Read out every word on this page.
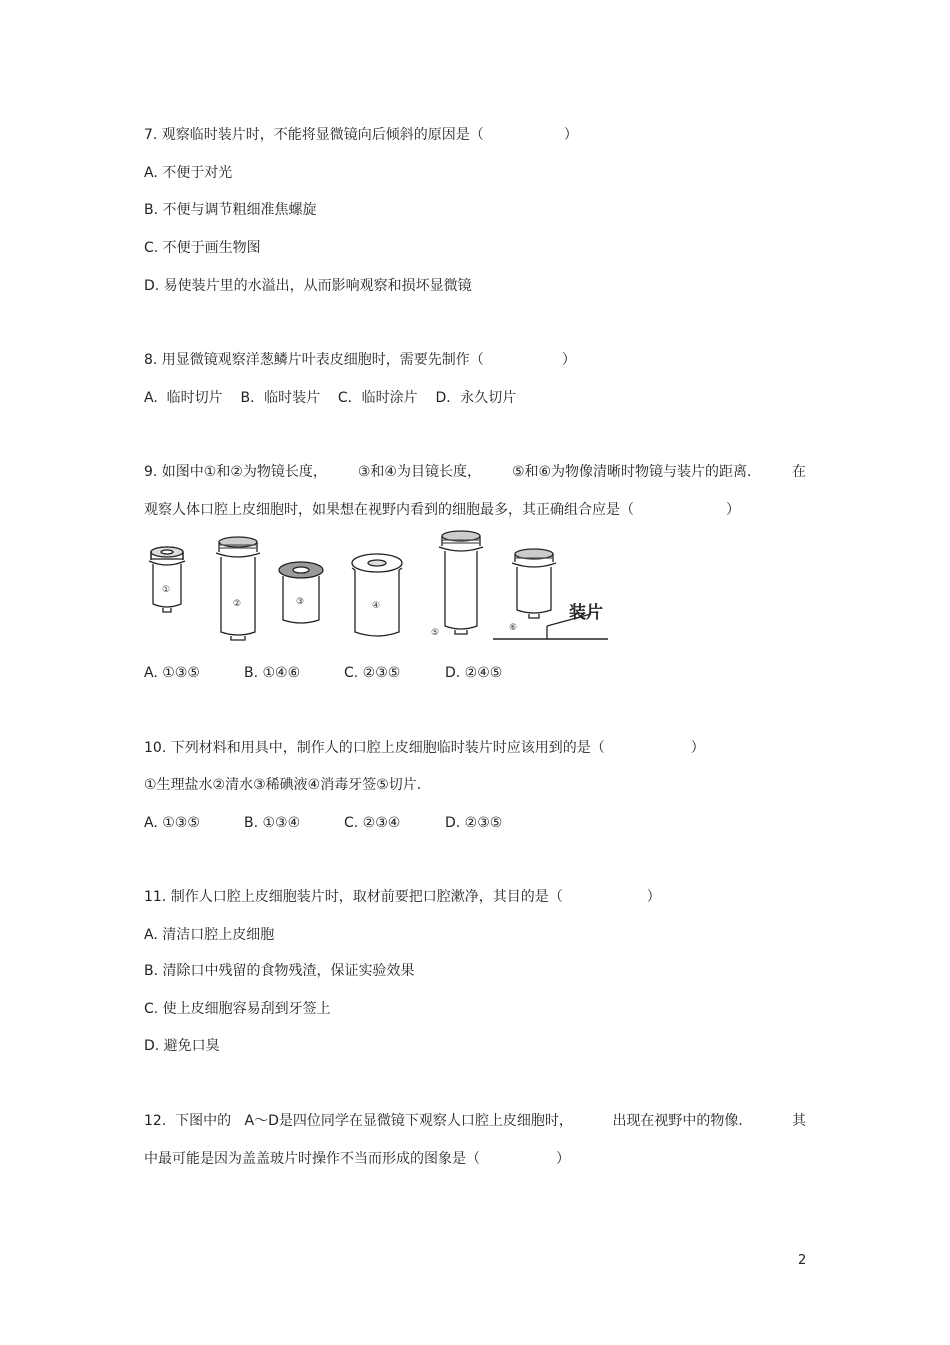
7. 观察临时装片时，不能将显微镜向后倾斜的原因是（	）
A. 不便于对光
B. 不便与调节粗细准焦螺旋
C. 不便于画生物图
D. 易使装片里的水溢出，从而影响观察和损坏显微镜
8. 用显微镜观察洋葱鳞片叶表皮细胞时，需要先制作（	）
A.  临时切片    B．临时装片    C．临时涂片    D．永久切片
9. 如图中①和②为物镜长度， ③和④为目镜长度， ⑤和⑥为物像清晰时物镜与装片的距离． 在
观察人体口腔上皮细胞时，如果想在视野内看到的细胞最多，其正确组合应是（	）
①
②	③	④
⑤	⑥
装片
A. ①③⑤	B. ①④⑥	C. ②③⑤	D. ②④⑤
10. 下列材料和用具中，制作人的口腔上皮细胞临时装片时应该用到的是（	）
①生理盐水②清水③稀碘液④消毒牙签⑤切片.
A. ①③⑤	B. ①③④	C. ②③④	D. ②③⑤
11. 制作人口腔上皮细胞装片时，取材前要把口腔漱净，其目的是（	）
A. 清洁口腔上皮细胞
B. 清除口中残留的食物残渣，保证实验效果
C. 使上皮细胞容易刮到牙签上
D. 避免口臭
12.  下图中的   A～D是四位同学在显微镜下观察人口腔上皮细胞时，	出现在视野中的物像．	其
中最可能是因为盖盖玻片时操作不当而形成的图象是（	）
2
